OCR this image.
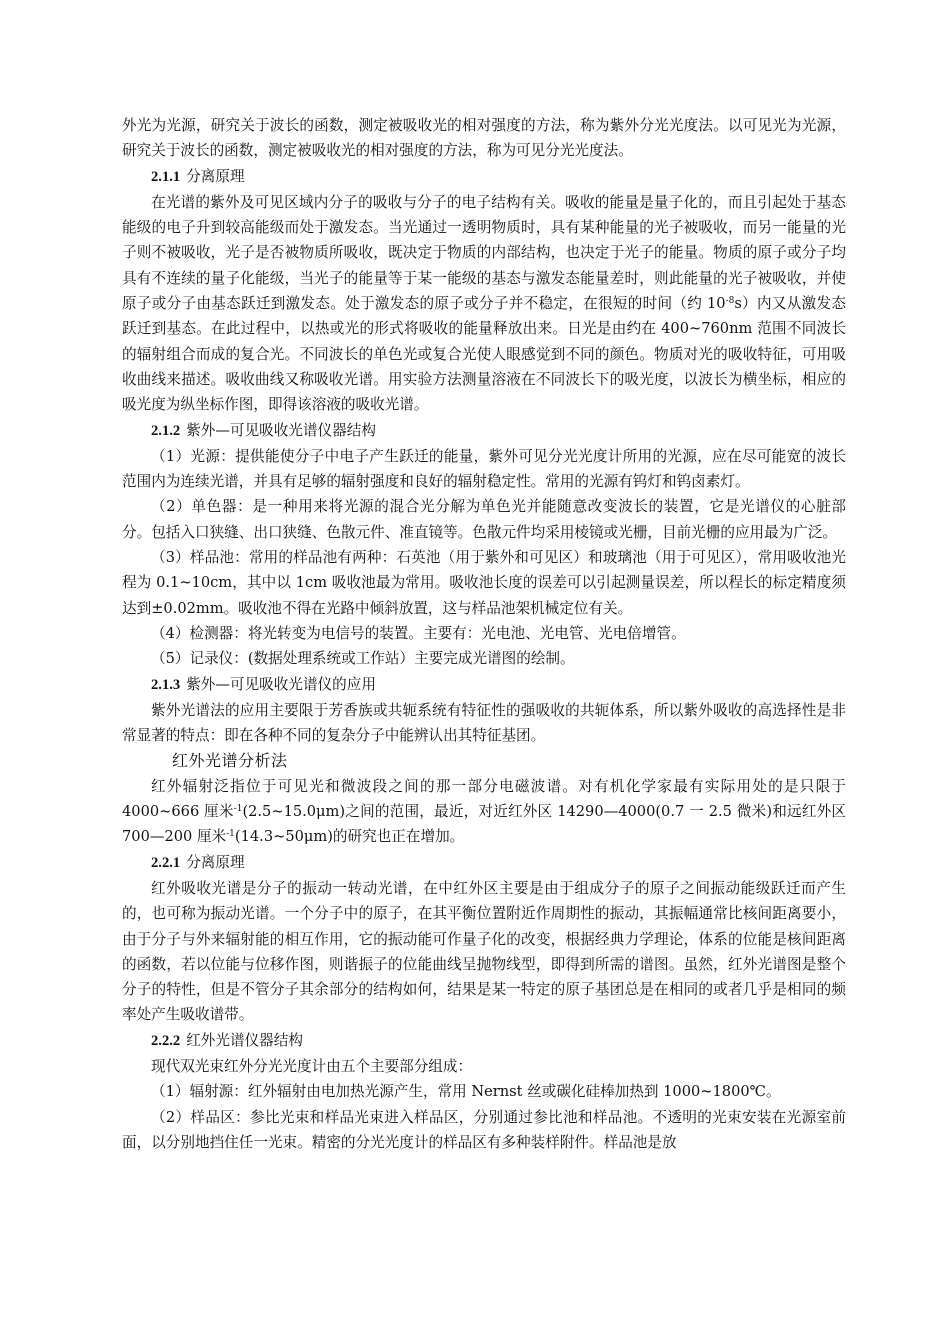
外光为光源，研究关于波长的函数，测定被吸收光的相对强度的方法，称为紫外分光光度法。以可见光为光源，研究关于波长的函数，测定被吸收光的相对强度的方法，称为可见分光光度法。

2.1.1 分离原理

在光谱的紫外及可见区域内分子的吸收与分子的电子结构有关。吸收的能量是量子化的，而且引起处于基态能级的电子升到较高能级而处于激发态。当光通过一透明物质时，具有某种能量的光子被吸收，而另一能量的光子则不被吸收，光子是否被物质所吸收，既决定于物质的内部结构，也决定于光子的能量。物质的原子或分子均具有不连续的量子化能级，当光子的能量等于某一能级的基态与激发态能量差时，则此能量的光子被吸收，并使原子或分子由基态跃迁到激发态。处于激发态的原子或分子并不稳定，在很短的时间（约 $10^{-8}s$）内又从激发态跃迁到基态。在此过程中，以热或光的形式将吸收的能量释放出来。日光是由约在 400~760nm 范围不同波长的辐射组合而成的复合光。不同波长的单色光或复合光使人眼感觉到不同的颜色。物质对光的吸收特征，可用吸收曲线来描述。吸收曲线又称吸收光谱。用实验方法测量溶液在不同波长下的吸光度，以波长为横坐标，相应的吸光度为纵坐标作图，即得该溶液的吸收光谱。

2.1.2 紫外—可见吸收光谱仪器结构

（1）光源：提供能使分子中电子产生跃迁的能量，紫外可见分光光度计所用的光源，应在尽可能宽的波长范围内为连续光谱，并具有足够的辐射强度和良好的辐射稳定性。常用的光源有钨灯和钨卤素灯。

（2）单色器：是一种用来将光源的混合光分解为单色光并能随意改变波长的装置，它是光谱仪的心脏部分。包括入口狭缝、出口狭缝、色散元件、准直镜等。色散元件均采用棱镜或光栅，目前光栅的应用最为广泛。

（3）样品池：常用的样品池有两种：石英池（用于紫外和可见区）和玻璃池（用于可见区），常用吸收池光程为 0.1~10cm，其中以 1cm 吸收池最为常用。吸收池长度的误差可以引起测量误差，所以程长的标定精度须达到±0.02mm。吸收池不得在光路中倾斜放置，这与样品池架机械定位有关。

（4）检测器：将光转变为电信号的装置。主要有：光电池、光电管、光电倍增管。

（5）记录仪：(数据处理系统或工作站）主要完成光谱图的绘制。

2.1.3 紫外—可见吸收光谱仪的应用

紫外光谱法的应用主要限于芳香族或共轭系统有特征性的强吸收的共轭体系，所以紫外吸收的高选择性是非常显著的特点：即在各种不同的复杂分子中能辨认出其特征基团。

红外光谱分析法

红外辐射泛指位于可见光和微波段之间的那一部分电磁波谱。对有机化学家最有实际用处的是只限于 4000~666 厘米$^{-1}$(2.5~15.0μm)之间的范围，最近，对近红外区 14290—4000(0.7 一 2.5 微米)和远红外区 700—200 厘米$^{-1}$(14.3~50μm)的研究也正在增加。

2.2.1 分离原理

红外吸收光谱是分子的振动一转动光谱，在中红外区主要是由于组成分子的原子之间振动能级跃迁而产生的，也可称为振动光谱。一个分子中的原子，在其平衡位置附近作周期性的振动，其振幅通常比核间距离要小，由于分子与外来辐射能的相互作用，它的振动能可作量子化的改变，根据经典力学理论，体系的位能是核间距离的函数，若以位能与位移作图，则谐振子的位能曲线呈抛物线型，即得到所需的谱图。虽然，红外光谱图是整个分子的特性，但是不管分子其余部分的结构如何，结果是某一特定的原子基团总是在相同的或者几乎是相同的频率处产生吸收谱带。

2.2.2 红外光谱仪器结构

现代双光束红外分光光度计由五个主要部分组成：

（1）辐射源：红外辐射由电加热光源产生，常用 Nernst 丝或碳化硅棒加热到 1000~1800℃。

（2）样品区：参比光束和样品光束进入样品区，分别通过参比池和样品池。不透明的光束安装在光源室前面，以分别地挡住任一光束。精密的分光光度计的样品区有多种装样附件。样品池是放
